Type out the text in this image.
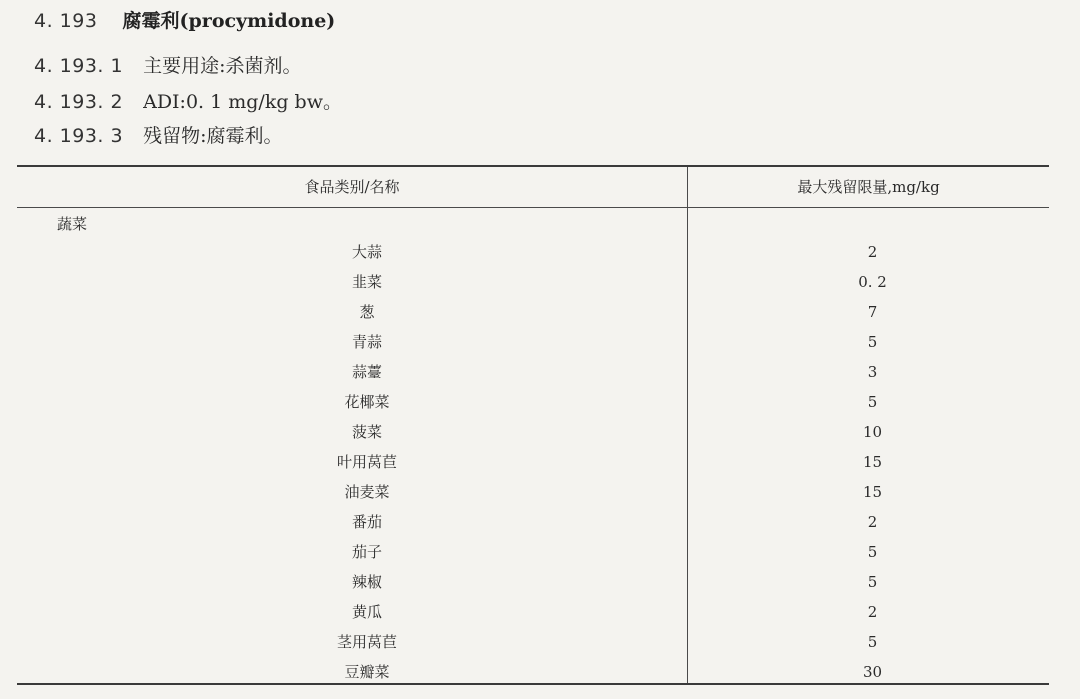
4. 193 腐霉利(procymidone)
4. 193. 1 主要用途:杀菌剂。
4. 193. 2 ADI:0. 1 mg/kg bw。
4. 193. 3 残留物:腐霉利。
食品类别/名称	最大残留限量,mg/kg
蔬菜
大蒜	2
韭菜	0. 2
葱	7
青蒜	5
蒜薹	3
花椰菜	5
菠菜	10
叶用莴苣	15
油麦菜	15
番茄	2
茄子	5
辣椒	5
黄瓜	2
茎用莴苣	5
豆瓣菜	30
